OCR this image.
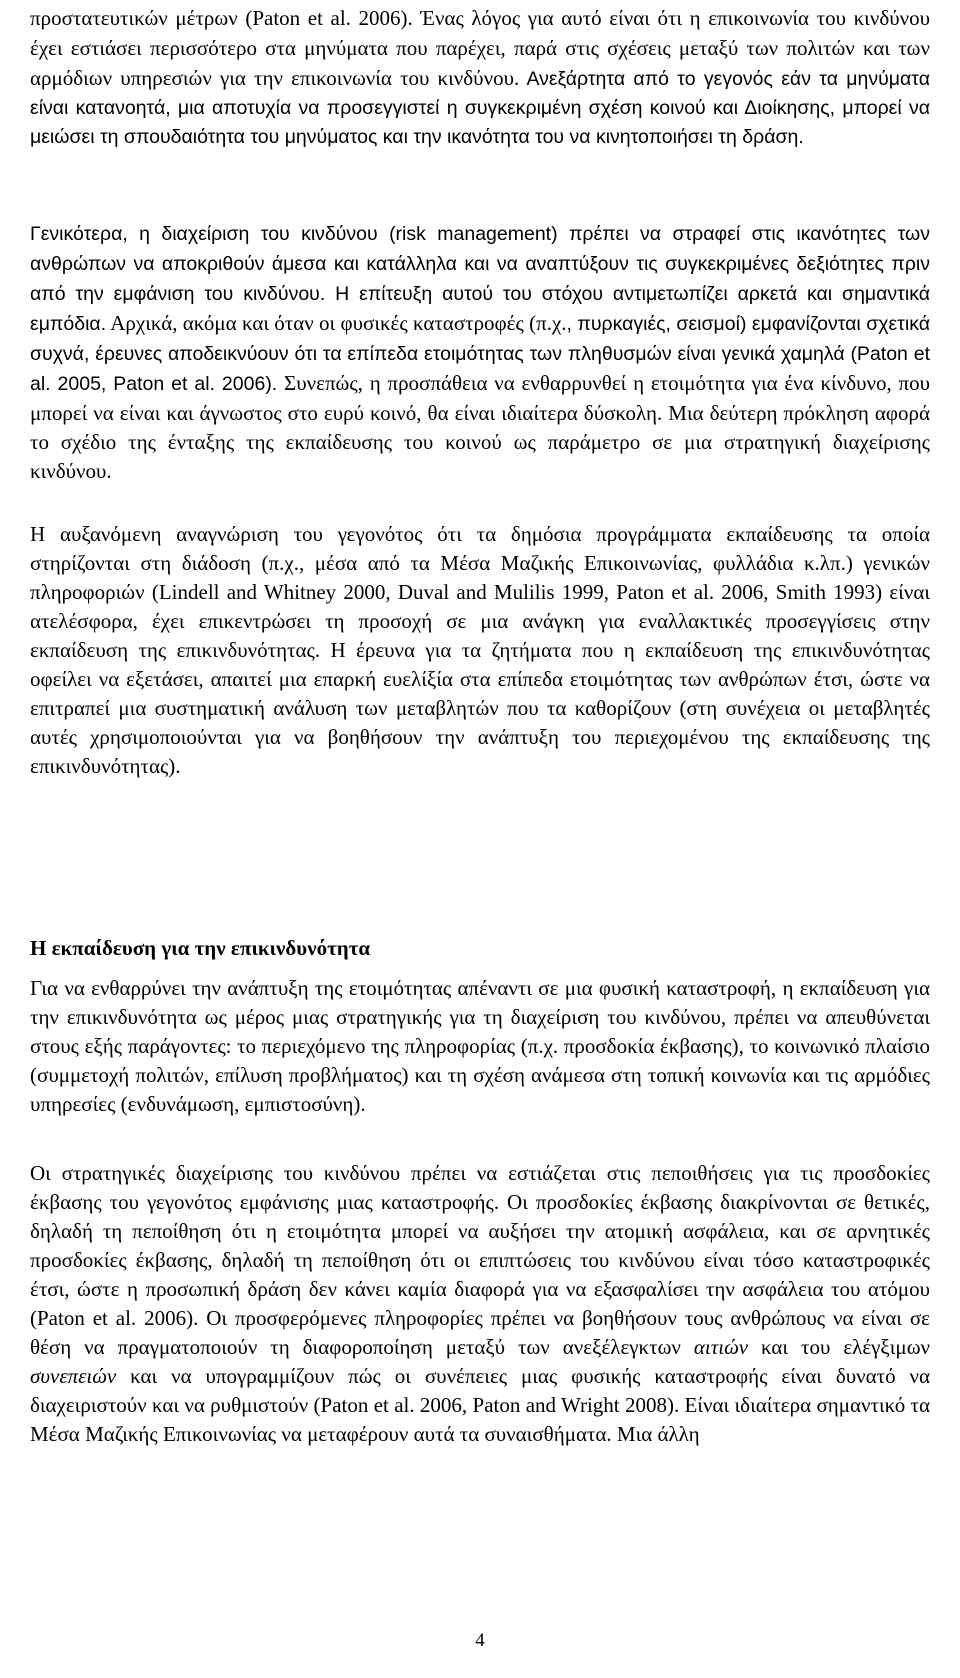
προστατευτικών μέτρων (Paton et al. 2006). Ένας λόγος για αυτό είναι ότι η επικοινωνία του κινδύνου έχει εστιάσει περισσότερο στα μηνύματα που παρέχει, παρά στις σχέσεις μεταξύ των πολιτών και των αρμόδιων υπηρεσιών για την επικοινωνία του κινδύνου. Ανεξάρτητα από το γεγονός εάν τα μηνύματα είναι κατανοητά, μια αποτυχία να προσεγγιστεί η συγκεκριμένη σχέση κοινού και Διοίκησης, μπορεί να μειώσει τη σπουδαιότητα του μηνύματος και την ικανότητα του να κινητοποιήσει τη δράση.

Γενικότερα, η διαχείριση του κινδύνου (risk management) πρέπει να στραφεί στις ικανότητες των ανθρώπων να αποκριθούν άμεσα και κατάλληλα και να αναπτύξουν τις συγκεκριμένες δεξιότητες πριν από την εμφάνιση του κινδύνου. Η επίτευξη αυτού του στόχου αντιμετωπίζει αρκετά και σημαντικά εμπόδια. Αρχικά, ακόμα και όταν οι φυσικές καταστροφές (π.χ., πυρκαγιές, σεισμοί) εμφανίζονται σχετικά συχνά, έρευνες αποδεικνύουν ότι τα επίπεδα ετοιμότητας των πληθυσμών είναι γενικά χαμηλά (Paton et al. 2005, Paton et al. 2006). Συνεπώς, η προσπάθεια να ενθαρρυνθεί η ετοιμότητα για ένα κίνδυνο, που μπορεί να είναι και άγνωστος στο ευρύ κοινό, θα είναι ιδιαίτερα δύσκολη. Μια δεύτερη πρόκληση αφορά το σχέδιο της ένταξης της εκπαίδευσης του κοινού ως παράμετρο σε μια στρατηγική διαχείρισης κινδύνου.

Η αυξανόμενη αναγνώριση του γεγονότος ότι τα δημόσια προγράμματα εκπαίδευσης τα οποία στηρίζονται στη διάδοση (π.χ., μέσα από τα Μέσα Μαζικής Επικοινωνίας, φυλλάδια κ.λπ.) γενικών πληροφοριών (Lindell and Whitney 2000, Duval and Mulilis 1999, Paton et al. 2006, Smith 1993) είναι ατελέσφορα, έχει επικεντρώσει τη προσοχή σε μια ανάγκη για εναλλακτικές προσεγγίσεις στην εκπαίδευση της επικινδυνότητας. Η έρευνα για τα ζητήματα που η εκπαίδευση της επικινδυνότητας οφείλει να εξετάσει, απαιτεί μια επαρκή ευελίξία στα επίπεδα ετοιμότητας των ανθρώπων έτσι, ώστε να επιτραπεί μια συστηματική ανάλυση των μεταβλητών που τα καθορίζουν (στη συνέχεια οι μεταβλητές αυτές χρησιμοποιούνται για να βοηθήσουν την ανάπτυξη του περιεχομένου της εκπαίδευσης της επικινδυνότητας).

Η εκπαίδευση για την επικινδυνότητα

Για να ενθαρρύνει την ανάπτυξη της ετοιμότητας απέναντι σε μια φυσική καταστροφή, η εκπαίδευση για την επικινδυνότητα ως μέρος μιας στρατηγικής για τη διαχείριση του κινδύνου, πρέπει να απευθύνεται στους εξής παράγοντες: το περιεχόμενο της πληροφορίας (π.χ. προσδοκία έκβασης), το κοινωνικό πλαίσιο (συμμετοχή πολιτών, επίλυση προβλήματος) και τη σχέση ανάμεσα στη τοπική κοινωνία και τις αρμόδιες υπηρεσίες (ενδυνάμωση, εμπιστοσύνη).

Οι στρατηγικές διαχείρισης του κινδύνου πρέπει να εστιάζεται στις πεποιθήσεις για τις προσδοκίες έκβασης του γεγονότος εμφάνισης μιας καταστροφής. Οι προσδοκίες έκβασης διακρίνονται σε θετικές, δηλαδή τη πεποίθηση ότι η ετοιμότητα μπορεί να αυξήσει την ατομική ασφάλεια, και σε αρνητικές προσδοκίες έκβασης, δηλαδή τη πεποίθηση ότι οι επιπτώσεις του κινδύνου είναι τόσο καταστροφικές έτσι, ώστε η προσωπική δράση δεν κάνει καμία διαφορά για να εξασφαλίσει την ασφάλεια του ατόμου (Paton et al. 2006). Οι προσφερόμενες πληροφορίες πρέπει να βοηθήσουν τους ανθρώπους να είναι σε θέση να πραγματοποιούν τη διαφοροποίηση μεταξύ των ανεξέλεγκτων αιτιών και του ελέγξιμων συνεπειών και να υπογραμμίζουν πώς οι συνέπειες μιας φυσικής καταστροφής είναι δυνατό να διαχειριστούν και να ρυθμιστούν (Paton et al. 2006, Paton and Wright 2008). Είναι ιδιαίτερα σημαντικό τα Μέσα Μαζικής Επικοινωνίας να μεταφέρουν αυτά τα συναισθήματα. Μια άλλη

4
